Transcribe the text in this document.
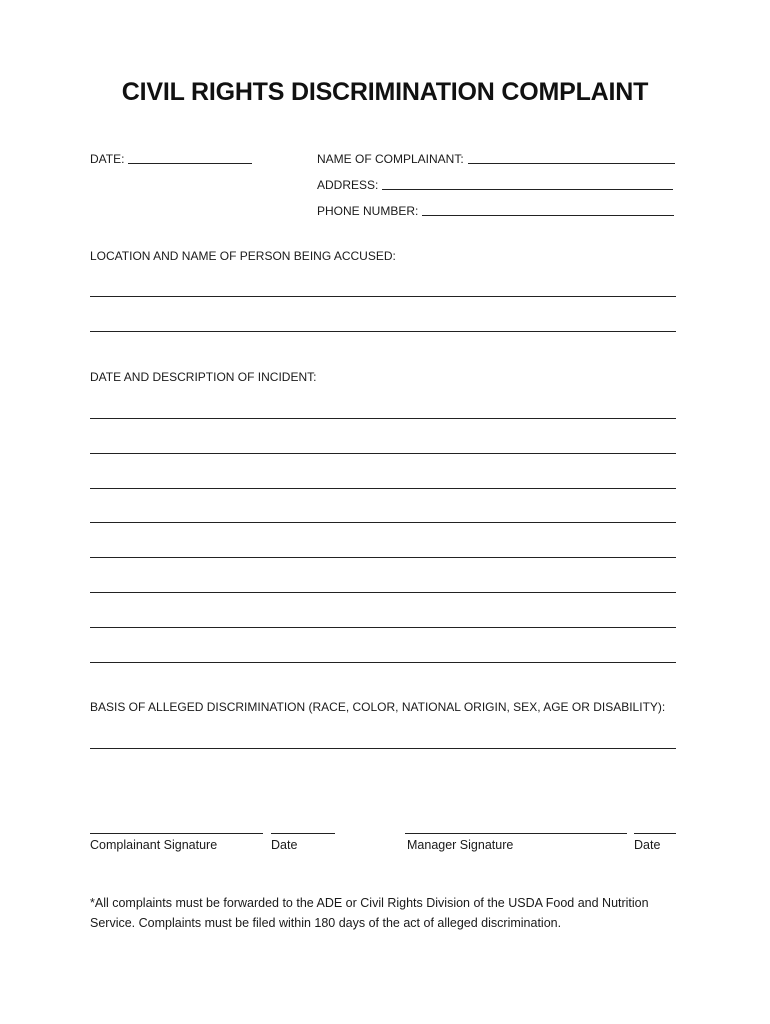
CIVIL RIGHTS DISCRIMINATION COMPLAINT
DATE:	NAME OF COMPLAINANT:
ADDRESS:
PHONE NUMBER:
LOCATION AND NAME OF PERSON BEING ACCUSED:
DATE AND DESCRIPTION OF INCIDENT:
BASIS OF ALLEGED DISCRIMINATION (RACE, COLOR, NATIONAL ORIGIN, SEX, AGE OR DISABILITY):
Complainant Signature	Date	Manager Signature	Date
*All complaints must be forwarded to the ADE or Civil Rights Division of the USDA Food and Nutrition Service. Complaints must be filed within 180 days of the act of alleged discrimination.
